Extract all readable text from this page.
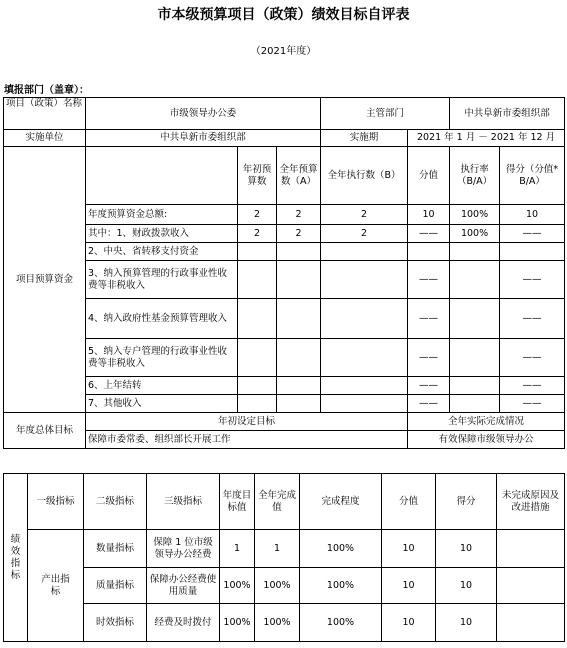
市本级预算项目（政策）绩效目标自评表
（2021年度）
填报部门（盖章）：
项目（政策）名称	市级领导办公委			主管部门		中共阜新市委组织部	
实施单位	中共阜新市委组织部			实施期	2021 年 1 月 － 2021 年 12 月		
项目预算资金		年初预算数	全年预算数（A）	全年执行数（B）	分值	执行率（B/A）	得分（分值*B/A）
	年度预算资金总额:	2	2	2	10	100%	10
	其中：1、财政拨款收入	2	2	2	——	100%	——
	2、中央、省转移支付资金						
	3、纳入预算管理的行政事业性收费等非税收入				——		——
	4、纳入政府性基金预算管理收入				——		——
	5、纳入专户管理的行政事业性收费等非税收入				——		——
	6、上年结转				——		——
	7、其他收入				——		——
年度总体目标	年初设定目标				全年实际完成情况		
	保障市委常委、组织部长开展工作				有效保障市级领导办公		
绩效指标	一级指标	二级指标	三级指标	年度目标值	全年完成值	完成程度	分值	得分	未完成原因及改进措施
	产出指标	数量指标	保障 1 位市级领导办公经费	1	1	100%	10	10	
		质量指标	保障办公经费使用质量	100%	100%	100%	10	10	
		时效指标	经费及时拨付	100%	100%	100%	10	10	
